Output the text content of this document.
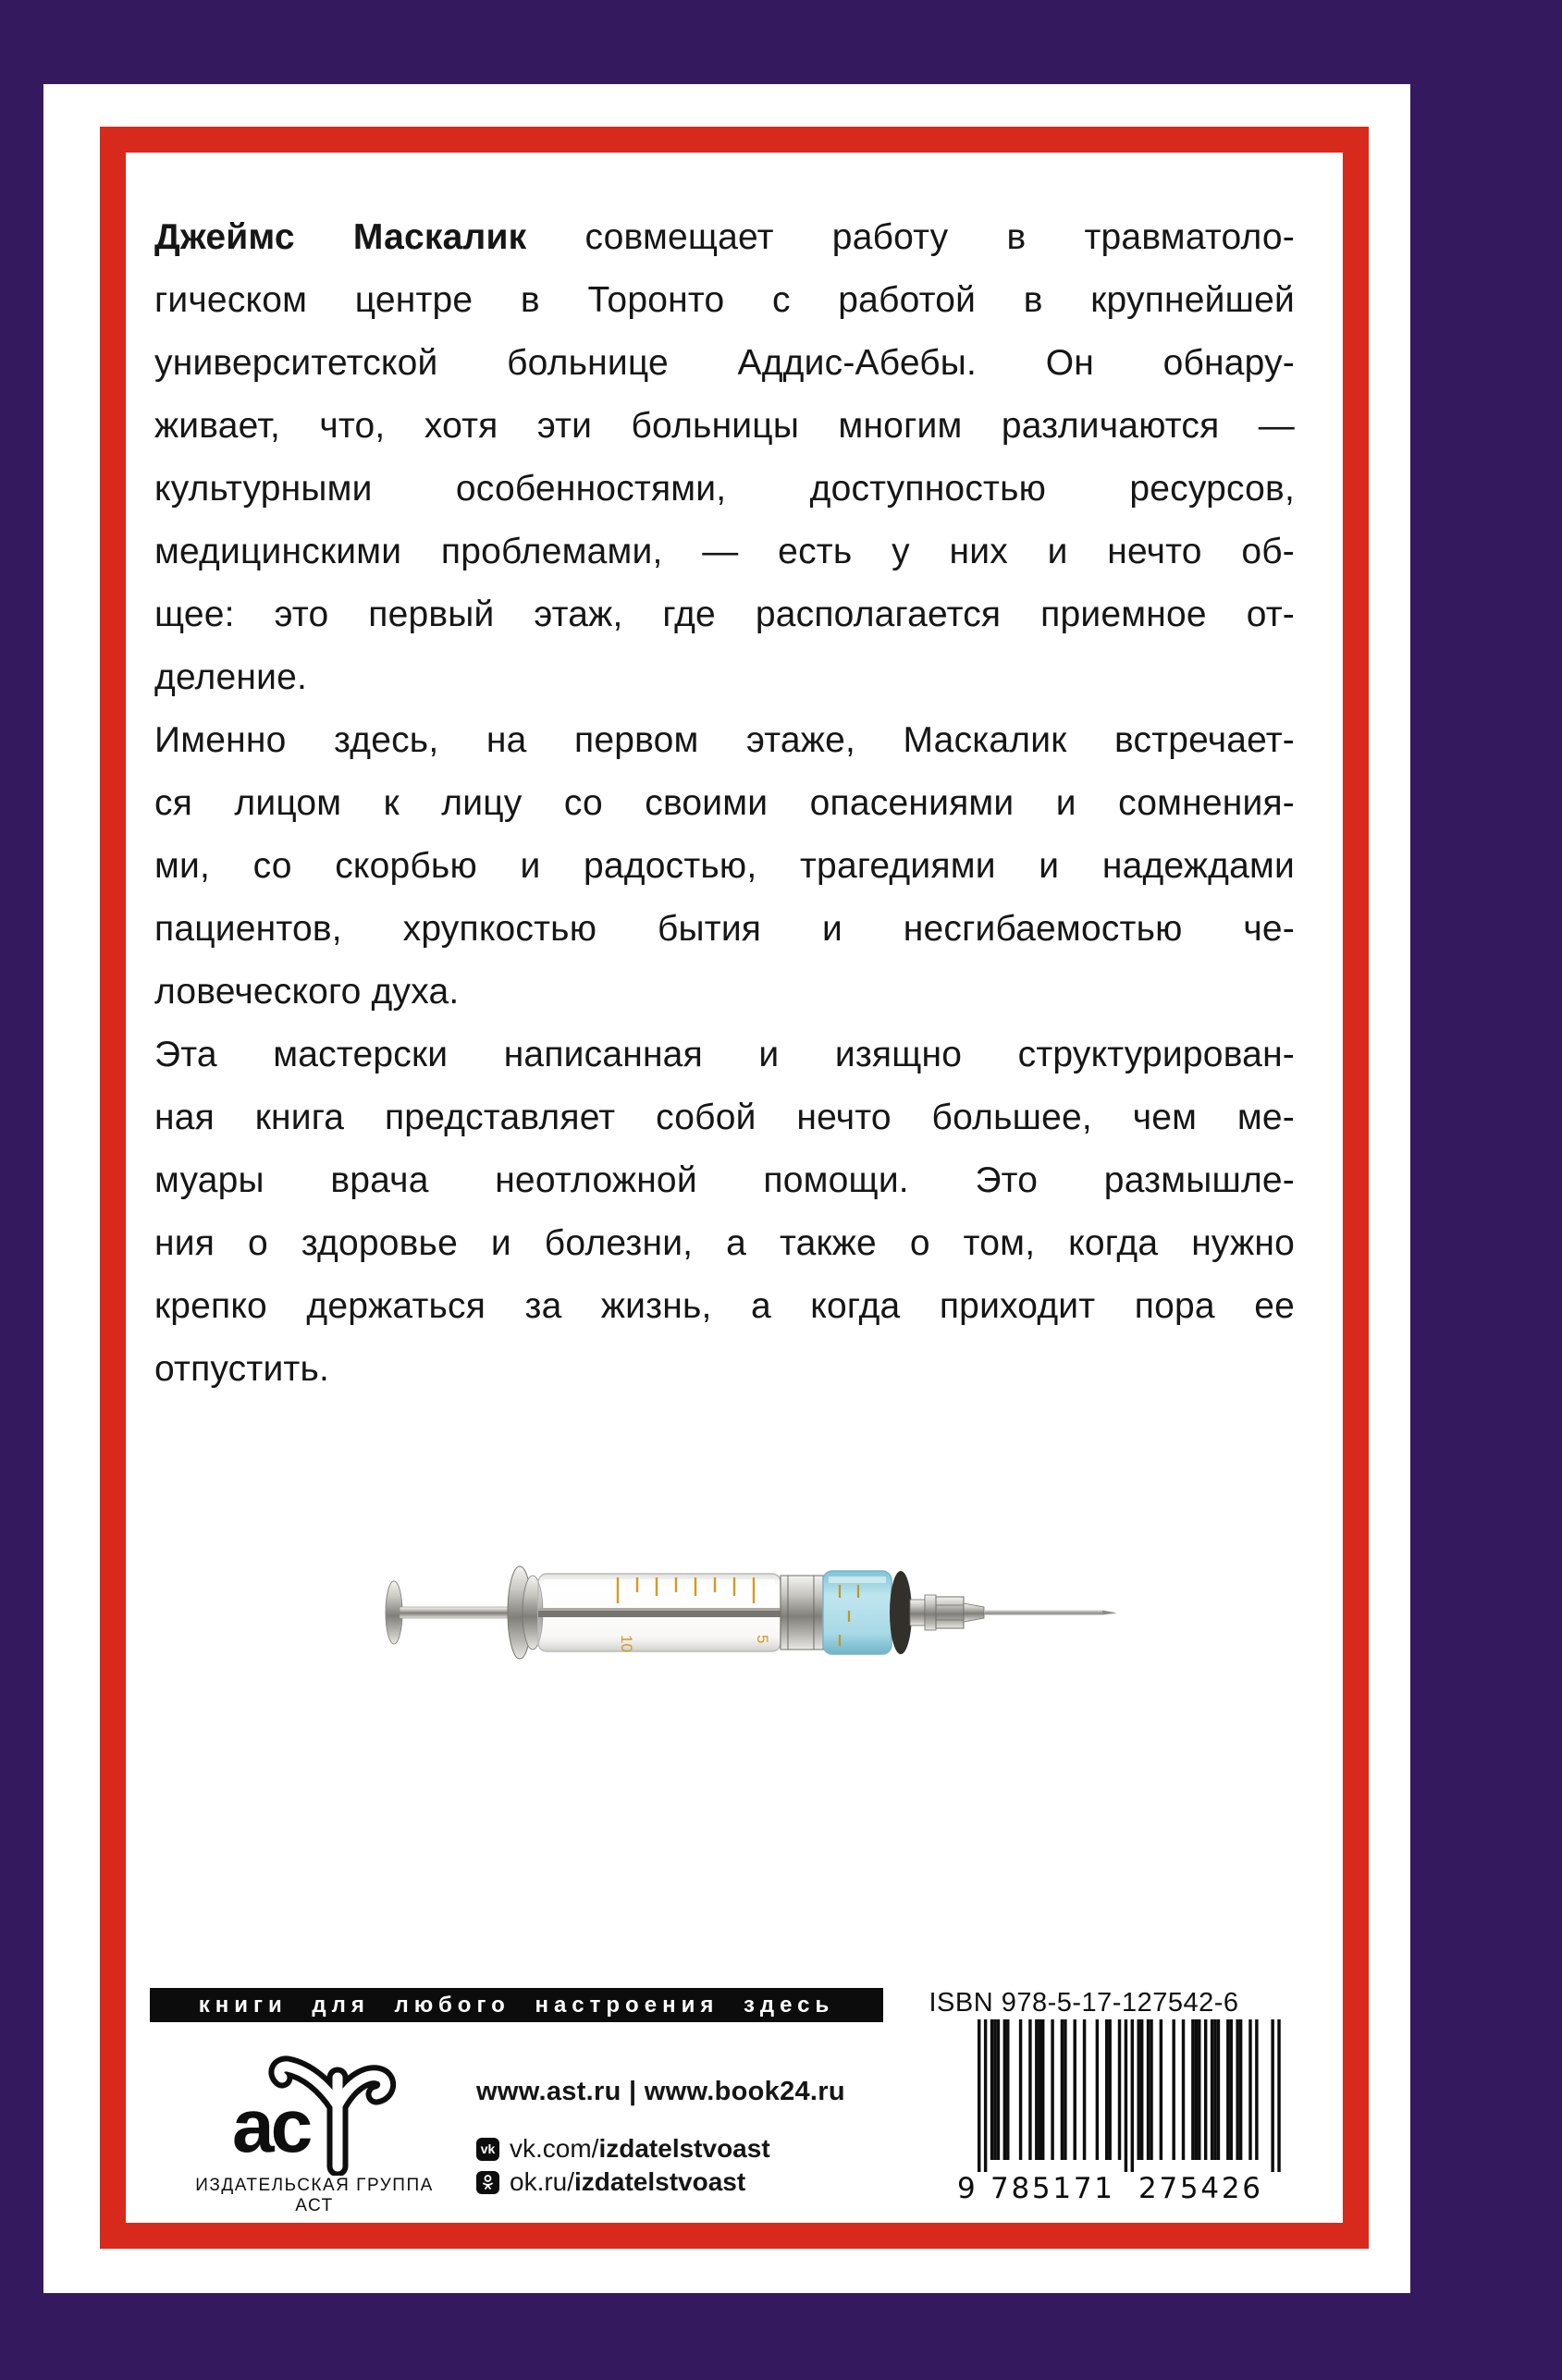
Джеймс Маскалик совмещает работу в травматоло-
гическом центре в Торонто с работой в крупнейшей
университетской больнице Аддис-Абебы. Он обнару-
живает, что, хотя эти больницы многим различаются —
культурными особенностями, доступностью ресурсов,
медицинскими проблемами, — есть у них и нечто об-
щее: это первый этаж, где располагается приемное от-
деление.
Именно здесь, на первом этаже, Маскалик встречает-
ся лицом к лицу со своими опасениями и сомнения-
ми, со скорбью и радостью, трагедиями и надеждами
пациентов, хрупкостью бытия и несгибаемостью че-
ловеческого духа.
Эта мастерски написанная и изящно структурирован-
ная книга представляет собой нечто большее, чем ме-
муары врача неотложной помощи. Это размышле-
ния о здоровье и болезни, а также о том, когда нужно
крепко держаться за жизнь, а когда приходит пора ее
отпустить.
10	5
книги для любого настроения здесь	ISBN 978-5-17-127542-6
9 785171 275426
ас
ИЗДАТЕЛЬСКАЯ ГРУППА АСТ
www.ast.ru | www.book24.ru
vk vk.com/izdatelstvoast
ok.ru/izdatelstvoast
